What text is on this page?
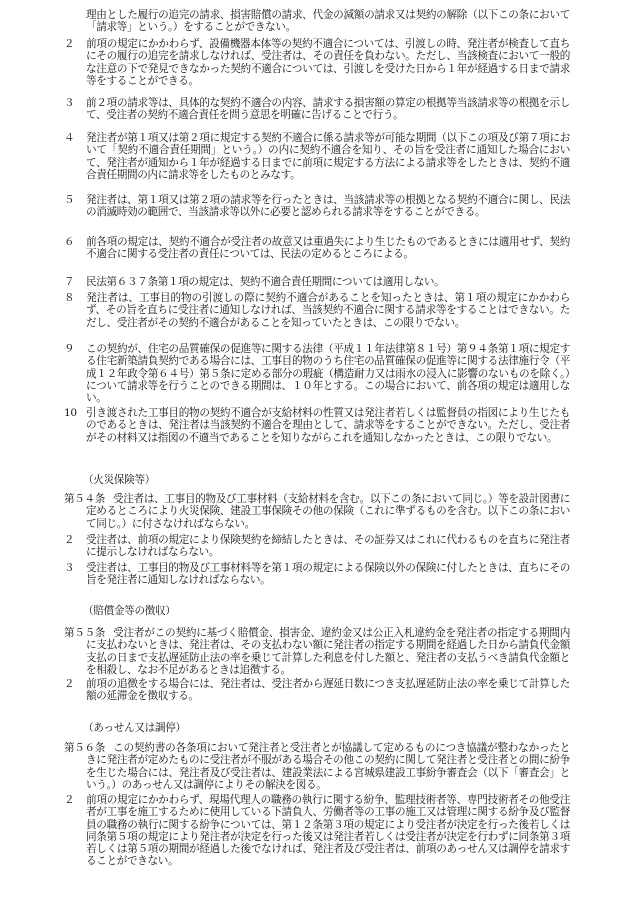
理由とした履行の追完の請求、損害賠償の請求、代金の減額の請求又は契約の解除（以下この条において「請求等」という。）をすることができない。

２ 前項の規定にかかわらず、設備機器本体等の契約不適合については、引渡しの時、発注者が検査して直ちにその履行の追完を請求しなければ、受注者は、その責任を負わない。ただし、当該検査において一般的な注意の下で発見できなかった契約不適合については、引渡しを受けた日から１年が経過する日まで請求等をすることができる。
３ 前２項の請求等は、具体的な契約不適合の内容、請求する損害額の算定の根拠等当該請求等の根拠を示して、受注者の契約不適合責任を問う意思を明確に告げることで行う。
４ 発注者が第１項又は第２項に規定する契約不適合に係る請求等が可能な期間（以下この項及び第７項において「契約不適合責任期間」という。）の内に契約不適合を知り、その旨を受注者に通知した場合において、発注者が通知から１年が経過する日までに前項に規定する方法による請求等をしたときは、契約不適合責任期間の内に請求等をしたものとみなす。
５ 発注者は、第１項又は第２項の請求等を行ったときは、当該請求等の根拠となる契約不適合に関し、民法の消滅時効の範囲で、当該請求等以外に必要と認められる請求等をすることができる。
６ 前各項の規定は、契約不適合が受注者の故意又は重過失により生じたものであるときには適用せず、契約不適合に関する受注者の責任については、民法の定めるところによる。
７ 民法第６３７条第１項の規定は、契約不適合責任期間については適用しない。
８ 発注者は、工事目的物の引渡しの際に契約不適合があることを知ったときは、第１項の規定にかかわらず、その旨を直ちに受注者に通知しなければ、当該契約不適合に関する請求等をすることはできない。ただし、受注者がその契約不適合があることを知っていたときは、この限りでない。
９ この契約が、住宅の品質確保の促進等に関する法律（平成１１年法律第８１号）第９４条第１項に規定する住宅新築請負契約である場合には、工事目的物のうち住宅の品質確保の促進等に関する法律施行令（平成１２年政令第６４号）第５条に定める部分の瑕疵（構造耐力又は雨水の浸入に影響のないものを除く。）について請求等を行うことのできる期間は、１０年とする。この場合において、前各項の規定は適用しない。
10 引き渡された工事目的物の契約不適合が支給材料の性質又は発注者若しくは監督員の指図により生じたものであるときは、発注者は当該契約不適合を理由として、請求等をすることができない。ただし、受注者がその材料又は指図の不適当であることを知りながらこれを通知しなかったときは、この限りでない。

（火災保険等）

第５４条 受注者は、工事目的物及び工事材料（支給材料を含む。以下この条において同じ。）等を設計図書に定めるところにより火災保険、建設工事保険その他の保険（これに準ずるものを含む。以下この条において同じ。）に付さなければならない。
２ 受注者は、前項の規定により保険契約を締結したときは、その証券又はこれに代わるものを直ちに発注者に提示しなければならない。
３ 受注者は、工事目的物及び工事材料等を第１項の規定による保険以外の保険に付したときは、直ちにその旨を発注者に通知しなければならない。

（賠償金等の徴収）

第５５条 受注者がこの契約に基づく賠償金、損害金、違約金又は公正入札違約金を発注者の指定する期間内に支払わないときは、発注者は、その支払わない額に発注者の指定する期間を経過した日から請負代金額支払の日まで支払遅延防止法の率を乗じて計算した利息を付した額と、発注者の支払うべき請負代金額とを相殺し、なお不足があるときは追徴する。
２ 前項の追徴をする場合には、発注者は、受注者から遅延日数につき支払遅延防止法の率を乗じて計算した額の延滞金を徴収する。

（あっせん又は調停）

第５６条 この契約書の各条項において発注者と受注者とが協議して定めるものにつき協議が整わなかったときに発注者が定めたものに受注者が不服がある場合その他この契約に関して発注者と受注者との間に紛争を生じた場合には、発注者及び受注者は、建設業法による宮城県建設工事紛争審査会（以下「審査会」という。）のあっせん又は調停によりその解決を図る。
２ 前項の規定にかかわらず、現場代理人の職務の執行に関する紛争、監理技術者等、専門技術者その他受注者が工事を施工するために使用している下請負人、労働者等の工事の施工又は管理に関する紛争及び監督員の職務の執行に関する紛争については、第１２条第３項の規定により受注者が決定を行った後若しくは同条第５項の規定により発注者が決定を行った後又は発注者若しくは受注者が決定を行わずに同条第３項若しくは第５項の期間が経過した後でなければ、発注者及び受注者は、前項のあっせん又は調停を請求することができない。
